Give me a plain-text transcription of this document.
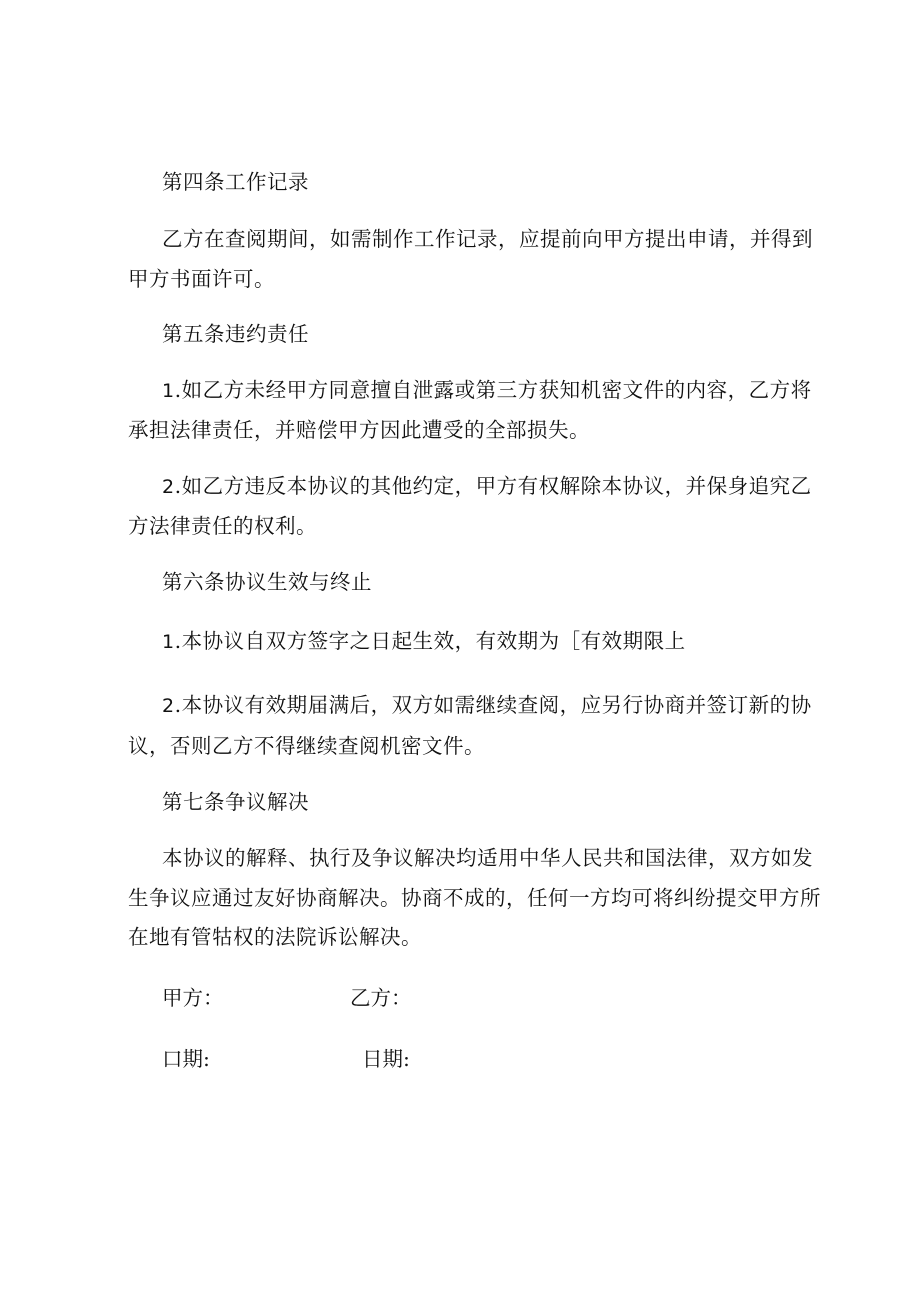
第四条工作记录
乙方在查阅期间，如需制作工作记录，应提前向甲方提出申请，并得到
甲方书面许可。
第五条违约责任
1.如乙方未经甲方同意擅自泄露或第三方获知机密文件的内容，乙方将
承担法律责任，并赔偿甲方因此遭受的全部损失。
2.如乙方违反本协议的其他约定，甲方有权解除本协议，并保身追究乙
方法律责任的权利。
第六条协议生效与终止
1.本协议自双方签字之日起生效，有效期为［有效期限上
2.本协议有效期届满后，双方如需继续查阅，应另行协商并签订新的协
议，否则乙方不得继续查阅机密文件。
第七条争议解决
本协议的解释、执行及争议解决均适用中华人民共和国法律，双方如发
生争议应通过友好协商解决。协商不成的，任何一方均可将纠纷提交甲方所
在地有管牯权的法院诉讼解决。
甲方：	乙方：
口期:	日期:
